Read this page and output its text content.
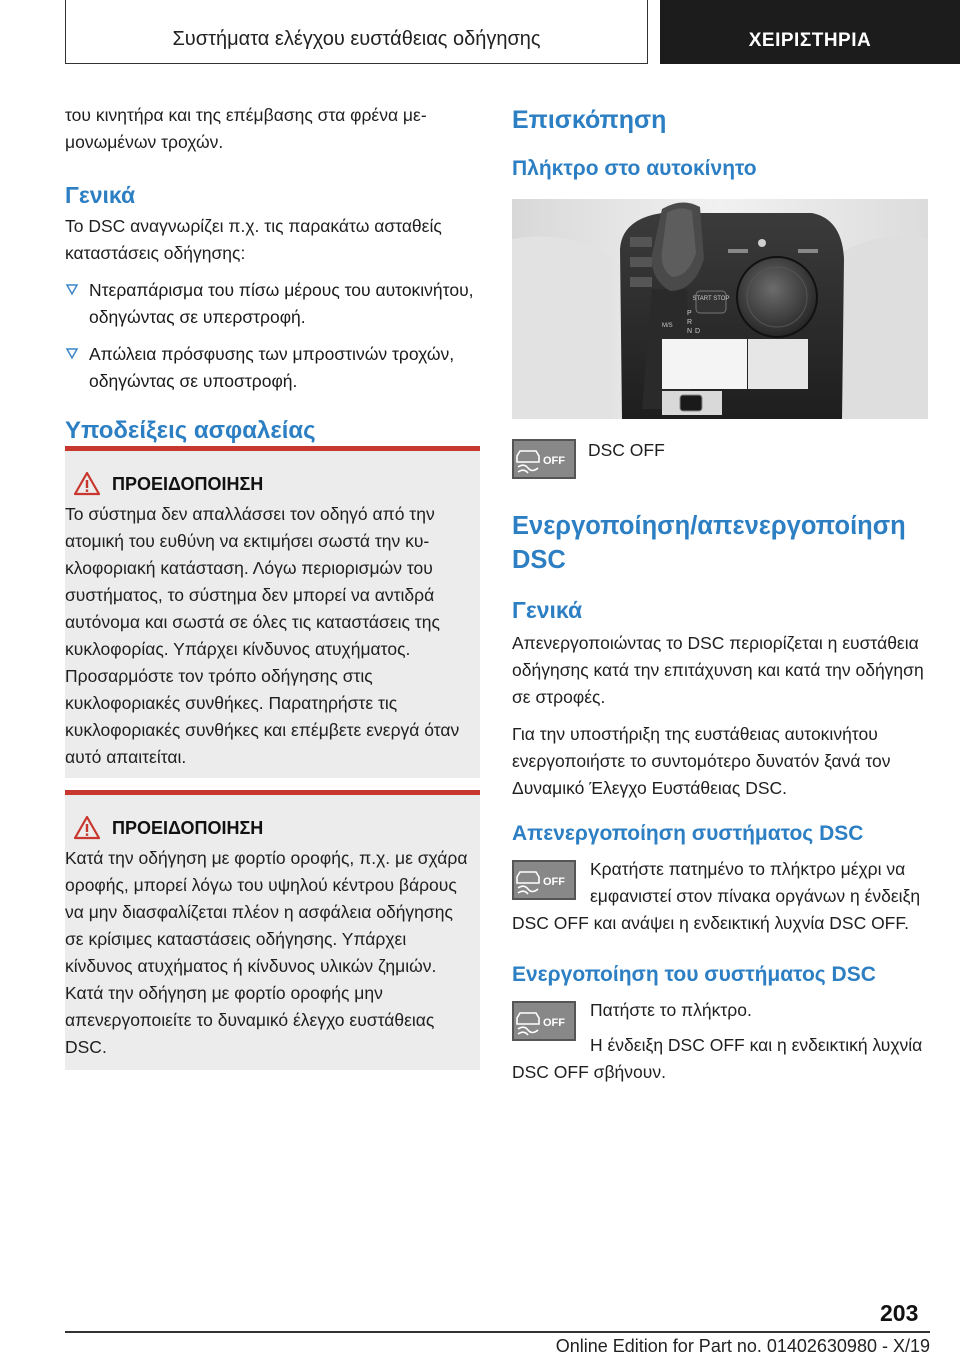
Συστήματα ελέγχου ευστάθειας οδήγησης	ΧΕΙΡΙΣΤΗΡΙΑ

του κινητήρα και της επέμβασης στα φρένα μεμονωμένων τροχών.

Γενικά

Το DSC αναγνωρίζει π.χ. τις παρακάτω ασταθείς καταστάσεις οδήγησης:

Ντεραπάρισμα του πίσω μέρους του αυτοκινήτου, οδηγώντας σε υπερστροφή.
Απώλεια πρόσφυσης των μπροστινών τροχών, οδηγώντας σε υποστροφή.
Υποδείξεις ασφαλείας
ΠΡΟΕΙΔΟΠΟΙΗΣΗ

Το σύστημα δεν απαλλάσσει τον οδηγό από την ατομική του ευθύνη να εκτιμήσει σωστά την κυκλοφοριακή κατάσταση. Λόγω περιορισμών του συστήματος, το σύστημα δεν μπορεί να αντιδρά αυτόνομα και σωστά σε όλες τις καταστάσεις της κυκλοφορίας. Υπάρχει κίνδυνος ατυχήματος. Προσαρμόστε τον τρόπο οδήγησης στις κυκλοφοριακές συνθήκες. Παρατηρήστε τις κυκλοφοριακές συνθήκες και επέμβετε ενεργά όταν αυτό απαιτείται.

ΠΡΟΕΙΔΟΠΟΙΗΣΗ

Κατά την οδήγηση με φορτίο οροφής, π.χ. με σχάρα οροφής, μπορεί λόγω του υψηλού κέντρου βάρους να μην διασφαλίζεται πλέον η ασφάλεια οδήγησης σε κρίσιμες καταστάσεις οδήγησης. Υπάρχει κίνδυνος ατυχήματος ή κίνδυνος υλικών ζημιών. Κατά την οδήγηση με φορτίο οροφής μην απενεργοποιείτε το δυναμικό έλεγχο ευστάθειας DSC.

Επισκόπηση
Πλήκτρο στο αυτοκίνητο
START STOP
P
R
N D
M/S
OFF
DSC OFF
Ενεργοποίηση/απενεργοποίηση DSC
Γενικά

Απενεργοποιώντας το DSC περιορίζεται η ευστάθεια οδήγησης κατά την επιτάχυνση και κατά την οδήγηση σε στροφές.

Για την υποστήριξη της ευστάθειας αυτοκινήτου ενεργοποιήστε το συντομότερο δυνατόν ξανά τον Δυναμικό Έλεγχο Ευστάθειας DSC.

Απενεργοποίηση συστήματος DSC
OFF

Κρατήστε πατημένο το πλήκτρο μέχρι να εμφανιστεί στον πίνακα οργάνων η ένδειξη DSC OFF και ανάψει η ενδεικτική λυχνία DSC OFF.

Ενεργοποίηση του συστήματος DSC
OFF

Πατήστε το πλήκτρο.

Η ένδειξη DSC OFF και η ενδεικτική λυχνία DSC OFF σβήνουν.

203
Online Edition for Part no. 01402630980 - X/19
